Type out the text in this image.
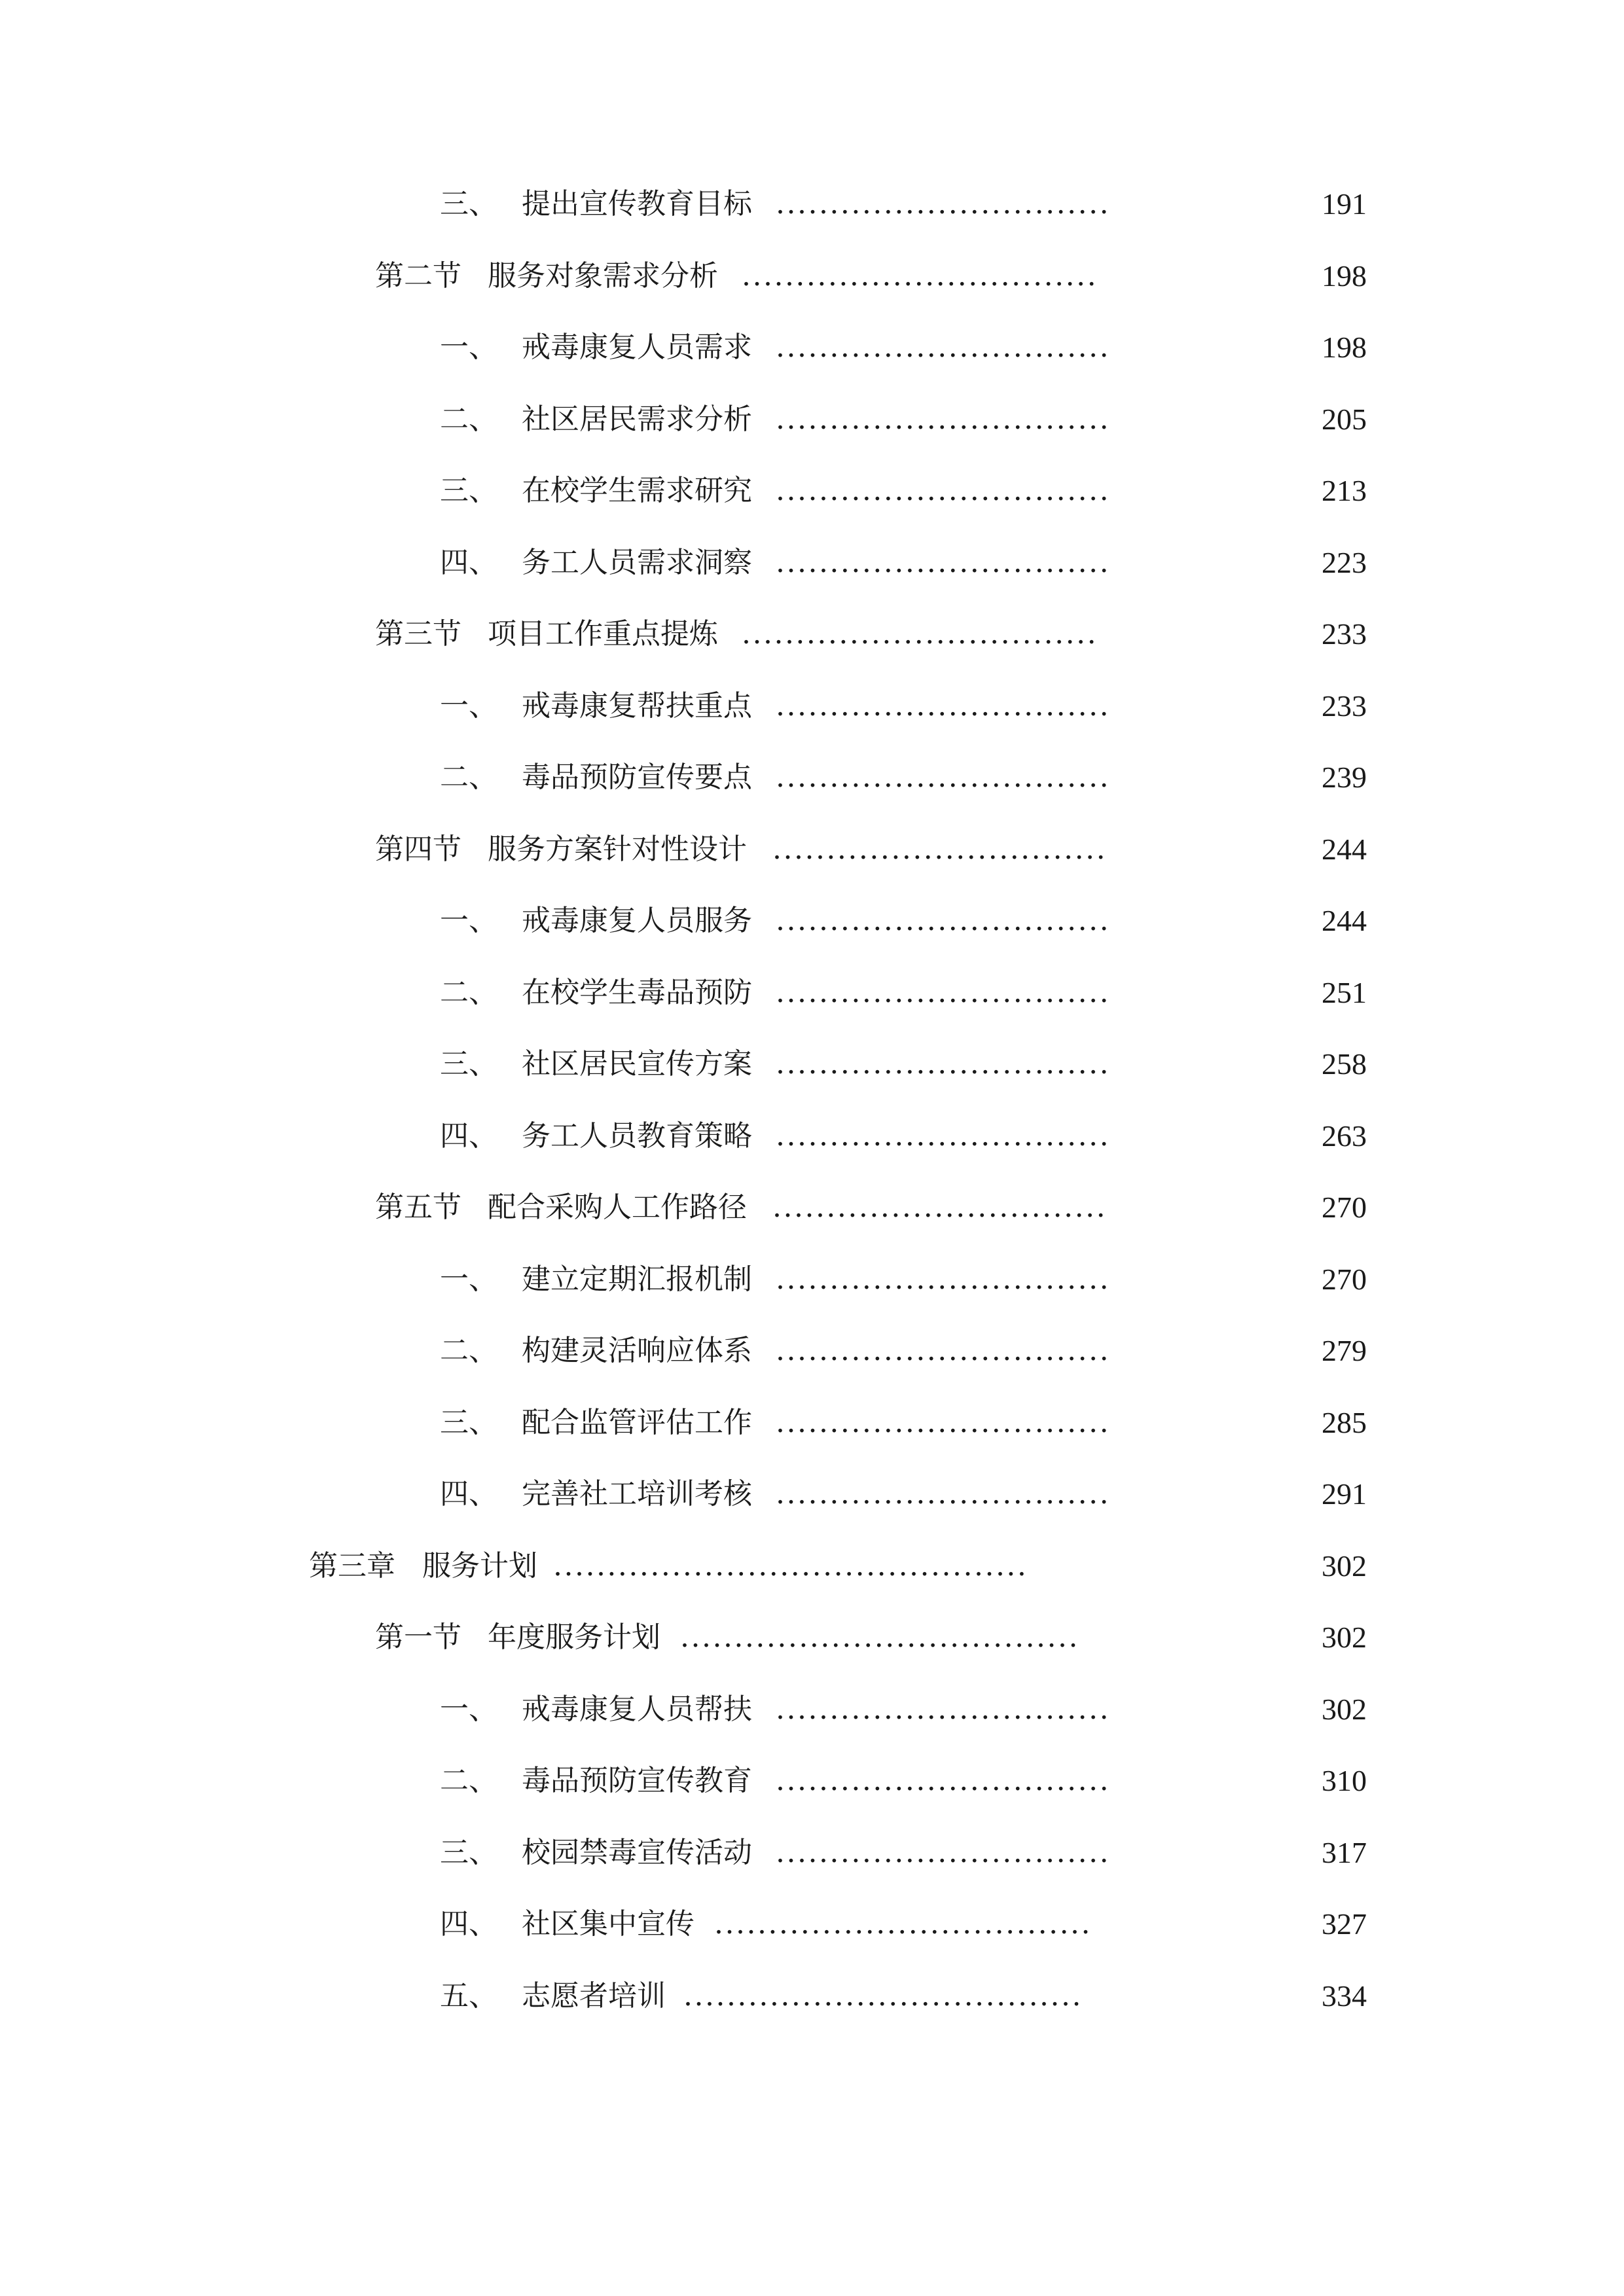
三、 提出宣传教育目标 ...............................	191
第二节 服务对象需求分析 .................................	198
一、 戒毒康复人员需求 ...............................	198
二、 社区居民需求分析 ...............................	205
三、 在校学生需求研究 ...............................	213
四、 务工人员需求洞察 ...............................	223
第三节 项目工作重点提炼 .................................	233
一、 戒毒康复帮扶重点 ...............................	233
二、 毒品预防宣传要点 ...............................	239
第四节 服务方案针对性设计 ...............................	244
一、 戒毒康复人员服务 ...............................	244
二、 在校学生毒品预防 ...............................	251
三、 社区居民宣传方案 ...............................	258
四、 务工人员教育策略 ...............................	263
第五节 配合采购人工作路径 ...............................	270
一、 建立定期汇报机制 ...............................	270
二、 构建灵活响应体系 ...............................	279
三、 配合监管评估工作 ...............................	285
四、 完善社工培训考核 ...............................	291
第三章 服务计划 ............................................	302
第一节 年度服务计划 .....................................	302
一、 戒毒康复人员帮扶 ...............................	302
二、 毒品预防宣传教育 ...............................	310
三、 校园禁毒宣传活动 ...............................	317
四、 社区集中宣传 ...................................	327
五、 志愿者培训 .....................................	334
